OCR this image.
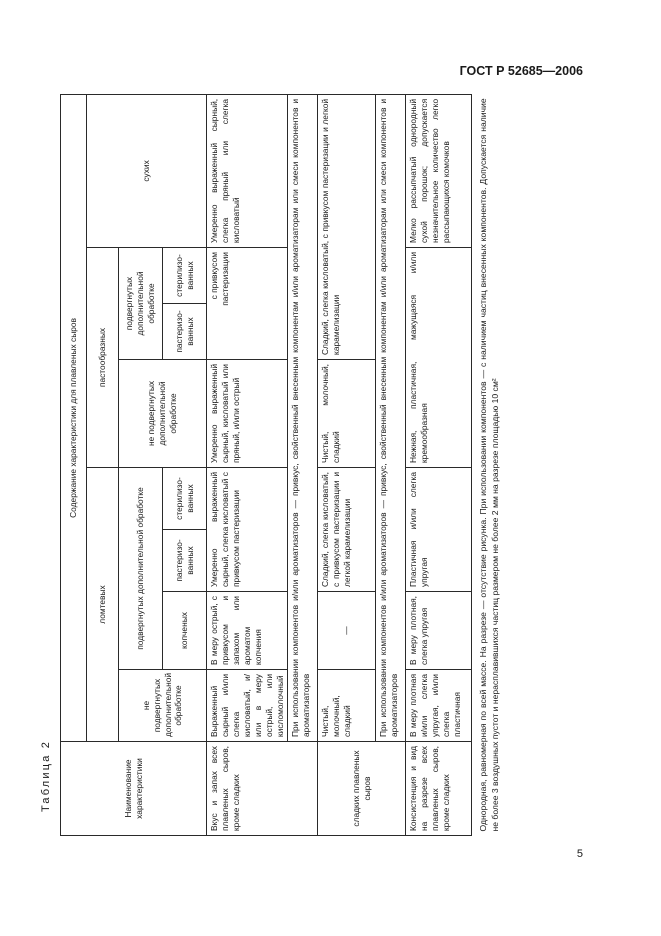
ГОСТ Р 52685—2006
Таблица 2
5
Наименование характеристики	Содержание характеристики для плавленых сыров							
	ломтевых				пастообразных			сухих
	не подвергнутых дополнительной обработке	подвергнутых дополнительной обработке			не подвергнутых дополнительной обработке	подвергнутых дополнительной обработке		
		копченых	пастеризо-ванных	стерилизо-ванных		пастеризо-ванных	стерилизо-ванных	
Вкус и запах всех плавленых сыров, кроме сладких	Выраженный сырный и/или слегка кисловатый, и/или в меру острый, или кисломолочный	В меру острый, с привкусом и запахом или ароматом копчения	Умеренно выраженный сырный, слегка кисловатый с привкусом пастеризации		Умеренно выраженный сырный, кисловатый или пряный, и/или острый	с привкусом пастеризации		Умеренно выраженный сырный, слегка пряный или слегка кисловатый
	При использовании компонентов и/или ароматизаторов — привкус, свойственный внесенным компонентам и/или ароматизаторам или смеси компонентов и ароматизаторов							
сладких плавленых сыров	Чистый, молочный, сладкий	—	Сладкий, слегка кисловатый, с привкусом пастеризации и легкой карамелизации		Чистый, молочный, сладкий	Сладкий, слегка кисловатый, с привкусом пастеризации и легкой карамелизации		
	При использовании компонентов и/или ароматизаторов — привкус, свойственный внесенным компонентам и/или ароматизаторам или смеси компонентов и ароматизаторов							
Консистенция и вид на разрезе всех плавленых сыров, кроме сладких	В меру плотная и/или слегка упругая, и/или слегка пластичная	В меру плотная, слегка упругая	Пластичная и/или слегка упругая		Нежная, пластичная, мажущаяся и/или кремообразная			Мелко рассыпчатый однородный сухой порошок; допускается незначительное количество легко рассыпающихся комочков
Однородная, равномерная по всей массе. На разрезе — отсутствие рисунка. При использовании компонентов — с наличием частиц внесенных компонентов. Допускается наличие не более 3 воздушных пустот и нерасплавившихся частиц размером не более 2 мм на разрезе площадью 10 см²								
